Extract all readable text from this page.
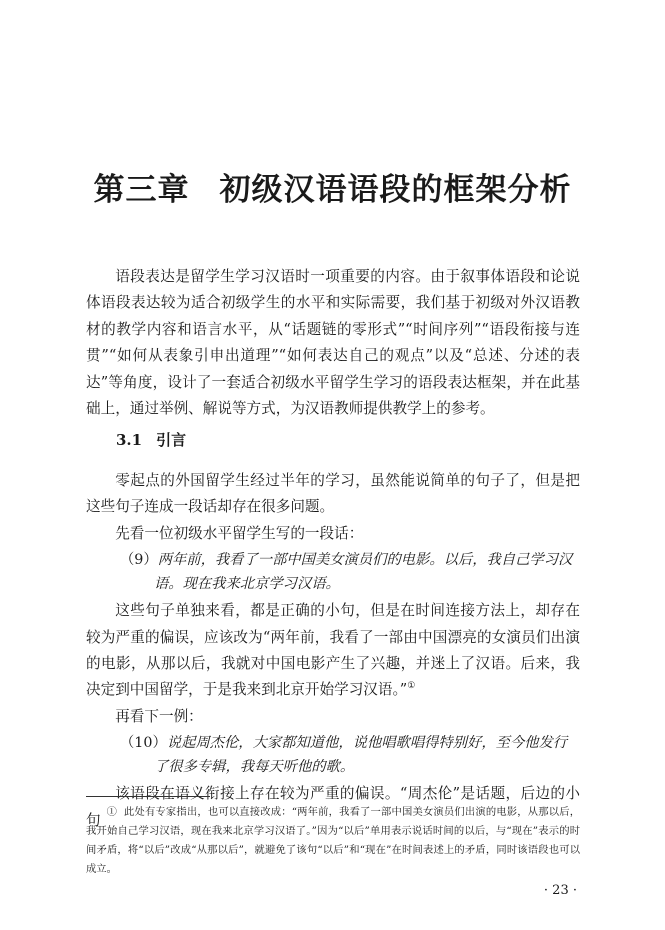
第三章 初级汉语语段的框架分析

语段表达是留学生学习汉语时一项重要的内容。由于叙事体语段和论说体语段表达较为适合初级学生的水平和实际需要，我们基于初级对外汉语教材的教学内容和语言水平，从“话题链的零形式”“时间序列”“语段衔接与连贯”“如何从表象引申出道理”“如何表达自己的观点”以及“总述、分述的表达”等角度，设计了一套适合初级水平留学生学习的语段表达框架，并在此基础上，通过举例、解说等方式，为汉语教师提供教学上的参考。

3.1 引言

零起点的外国留学生经过半年的学习，虽然能说简单的句子了，但是把这些句子连成一段话却存在很多问题。

先看一位初级水平留学生写的一段话：

（9）两年前，我看了一部中国美女演员们的电影。以后，我自己学习汉语。现在我来北京学习汉语。

这些句子单独来看，都是正确的小句，但是在时间连接方法上，却存在较为严重的偏误，应该改为“两年前，我看了一部由中国漂亮的女演员们出演的电影，从那以后，我就对中国电影产生了兴趣，并迷上了汉语。后来，我决定到中国留学，于是我来到北京开始学习汉语。”①

再看下一例：

（10）说起周杰伦，大家都知道他，说他唱歌唱得特别好，至今他发行了很多专辑，我每天听他的歌。

该语段在语义衔接上存在较为严重的偏误。“周杰伦”是话题，后边的小句 ① 此处有专家指出，也可以直接改成：“两年前，我看了一部中国美女演员们出演的电影，从那以后，我开始自己学习汉语，现在我来北京学习汉语了。”因为“以后”单用表示说话时间的以后，与“现在”表示的时间矛盾，将“以后”改成“从那以后”，就避免了该句“以后”和“现在”在时间表述上的矛盾，同时该语段也可以成立。

· 23 ·
